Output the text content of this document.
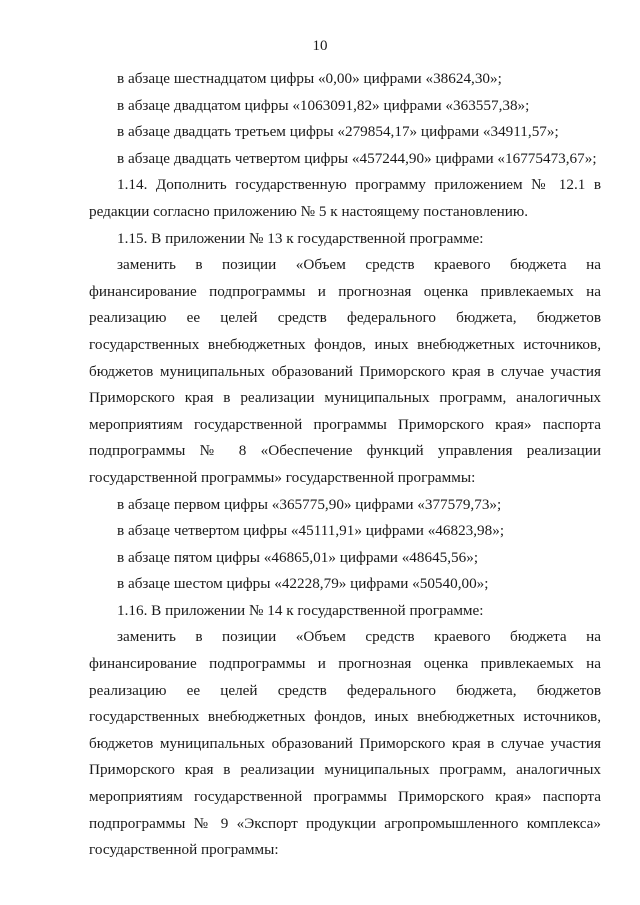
10

в абзаце шестнадцатом цифры «0,00» цифрами «38624,30»;

в абзаце двадцатом цифры «1063091,82» цифрами «363557,38»;

в абзаце двадцать третьем цифры «279854,17» цифрами «34911,57»;

в абзаце двадцать четвертом цифры «457244,90» цифрами «16775473,67»;

1.14. Дополнить государственную программу приложением № 12.1 в редакции согласно приложению № 5 к настоящему постановлению.

1.15. В приложении № 13 к государственной программе:

заменить в позиции «Объем средств краевого бюджета на финансирование подпрограммы и прогнозная оценка привлекаемых на реализацию ее целей средств федерального бюджета, бюджетов государственных внебюджетных фондов, иных внебюджетных источников, бюджетов муниципальных образований Приморского края в случае участия Приморского края в реализации муниципальных программ, аналогичных мероприятиям государственной программы Приморского края» паспорта подпрограммы № 8 «Обеспечение функций управления реализации государственной программы» государственной программы:

в абзаце первом цифры «365775,90» цифрами «377579,73»;

в абзаце четвертом цифры «45111,91» цифрами «46823,98»;

в абзаце пятом цифры «46865,01» цифрами «48645,56»;

в абзаце шестом цифры «42228,79» цифрами «50540,00»;

1.16. В приложении № 14 к государственной программе:

заменить в позиции «Объем средств краевого бюджета на финансирование подпрограммы и прогнозная оценка привлекаемых на реализацию ее целей средств федерального бюджета, бюджетов государственных внебюджетных фондов, иных внебюджетных источников, бюджетов муниципальных образований Приморского края в случае участия Приморского края в реализации муниципальных программ, аналогичных мероприятиям государственной программы Приморского края» паспорта подпрограммы № 9 «Экспорт продукции агропромышленного комплекса» государственной программы:
